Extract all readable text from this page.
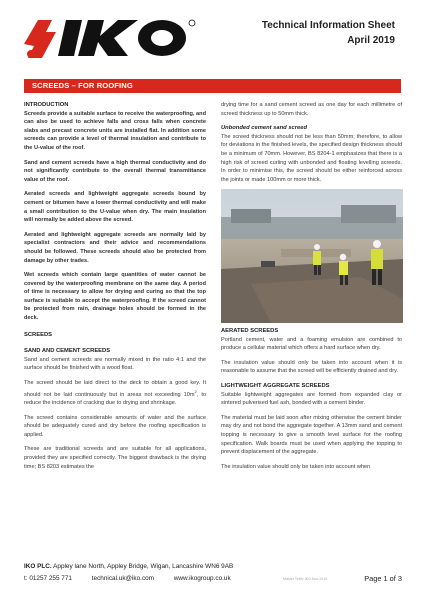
Technical Information Sheet
April 2019
SCREEDS – FOR ROOFING
INTRODUCTION

Screeds provide a suitable surface to receive the waterproofing, and can also be used to achieve falls and cross falls when concrete slabs and precast concrete units are installed flat. In addition some screeds can provide a level of thermal insulation and contribute to the U-value of the roof.

Sand and cement screeds have a high thermal conductivity and do not significantly contribute to the overall thermal transmittance value of the roof.

Aerated screeds and lightweight aggregate screeds bound by cement or bitumen have a lower thermal conductivity and will make a small contribution to the U-value when dry. The main insulation will normally be added above the screed.

Aerated and lightweight aggregate screeds are normally laid by specialist contractors and their advice and recommendations should be followed. These screeds should also be protected from damage by other trades.

Wet screeds which contain large quantities of water cannot be covered by the waterproofing membrane on the same day. A period of time is necessary to allow for drying and curing so that the top surface is suitable to accept the waterproofing. If the screed cannot be protected from rain, drainage holes should be formed in the deck.

SCREEDS
SAND AND CEMENT SCREEDS

Sand and cement screeds are normally mixed in the ratio 4:1 and the surface should be finished with a wood float.

The screed should be laid direct to the deck to obtain a good key. It should not be laid continuously but in areas not exceeding $10m^2$, to reduce the incidence of cracking due to drying and shrinkage.

The screed contains considerable amounts of water and the surface should be adequately cured and dry before the roofing specification is applied.

These are traditional screeds and are suitable for all applications, provided they are specified correctly. The biggest drawback is the drying time; BS 8203 estimates the

drying time for a sand cement screed as one day for each millimetre of screed thickness up to 50mm thick.

Unbonded cement sand screed

The screed thickness should not be less than 50mm; therefore, to allow for deviations in the finished levels, the specified design thickness should be a minimum of 70mm. However, BS 8204-1 emphasizes that there is a high risk of screed curling with unbonded and floating levelling screeds. In order to minimise this, the screed should be either reinforced across the joints or made 100mm or more thick.

AERATED SCREEDS

Portland cement, water and a foaming emulsion are combined to produce a cellular material which offers a hard surface when dry.

The insulation value should only be taken into account when it is reasonable to assume that the screed will be efficiently drained and dry.

LIGHTWEIGHT AGGREGATE SCREEDS

Suitable lightweight aggregates are formed from expanded clay or sintered pulverised fuel ash, bonded with a cement binder.

The material must be laid soon after mixing otherwise the cement binder may dry and not bond the aggregate together. A 13mm sand and cement topping is necessary to give a smooth level surface for the roofing specification. Walk boards must be used when applying the topping to prevent displacement of the aggregate.

The insulation value should only be taken into account when

IKO PLC. Appley lane North, Appley Bridge, Wigan, Lancashire WN6 9AB
t: 01257 255 771	technical.uk@iko.com	www.ikogroup.co.uk	Master Telfer IKO Nov 2019	Page 1 of 3
